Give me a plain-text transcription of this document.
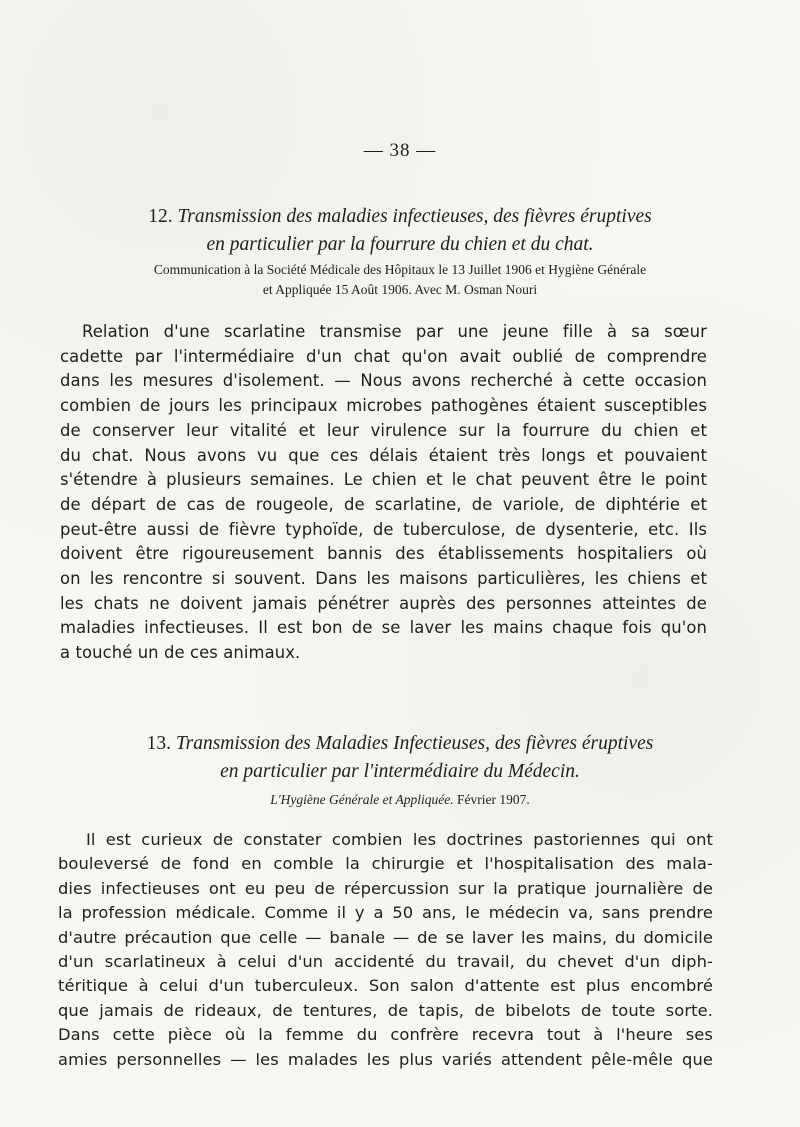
— 38 —
12. Transmission des maladies infectieuses, des fièvres éruptives
en particulier par la fourrure du chien et du chat.
Communication à la Société Médicale des Hôpitaux le 13 Juillet 1906 et Hygiène Générale
et Appliquée 15 Août 1906. Avec M. Osman Nouri
Relation d'une scarlatine transmise par une jeune fille à sa sœur
cadette par l'intermédiaire d'un chat qu'on avait oublié de comprendre
dans les mesures d'isolement. — Nous avons recherché à cette occasion
combien de jours les principaux microbes pathogènes étaient susceptibles
de conserver leur vitalité et leur virulence sur la fourrure du chien et
du chat. Nous avons vu que ces délais étaient très longs et pouvaient
s'étendre à plusieurs semaines. Le chien et le chat peuvent être le point
de départ de cas de rougeole, de scarlatine, de variole, de diphtérie et
peut-être aussi de fièvre typhoïde, de tuberculose, de dysenterie, etc. Ils
doivent être rigoureusement bannis des établissements hospitaliers où
on les rencontre si souvent. Dans les maisons particulières, les chiens et
les chats ne doivent jamais pénétrer auprès des personnes atteintes de
maladies infectieuses. Il est bon de se laver les mains chaque fois qu'on
a touché un de ces animaux.
13. Transmission des Maladies Infectieuses, des fièvres éruptives
en particulier par l'intermédiaire du Médecin.
L'Hygiène Générale et Appliquée. Février 1907.
Il est curieux de constater combien les doctrines pastoriennes qui ont
bouleversé de fond en comble la chirurgie et l'hospitalisation des mala-
dies infectieuses ont eu peu de répercussion sur la pratique journalière de
la profession médicale. Comme il y a 50 ans, le médecin va, sans prendre
d'autre précaution que celle — banale — de se laver les mains, du domicile
d'un scarlatineux à celui d'un accidenté du travail, du chevet d'un diph-
téritique à celui d'un tuberculeux. Son salon d'attente est plus encombré
que jamais de rideaux, de tentures, de tapis, de bibelots de toute sorte.
Dans cette pièce où la femme du confrère recevra tout à l'heure ses
amies personnelles — les malades les plus variés attendent pêle-mêle que
